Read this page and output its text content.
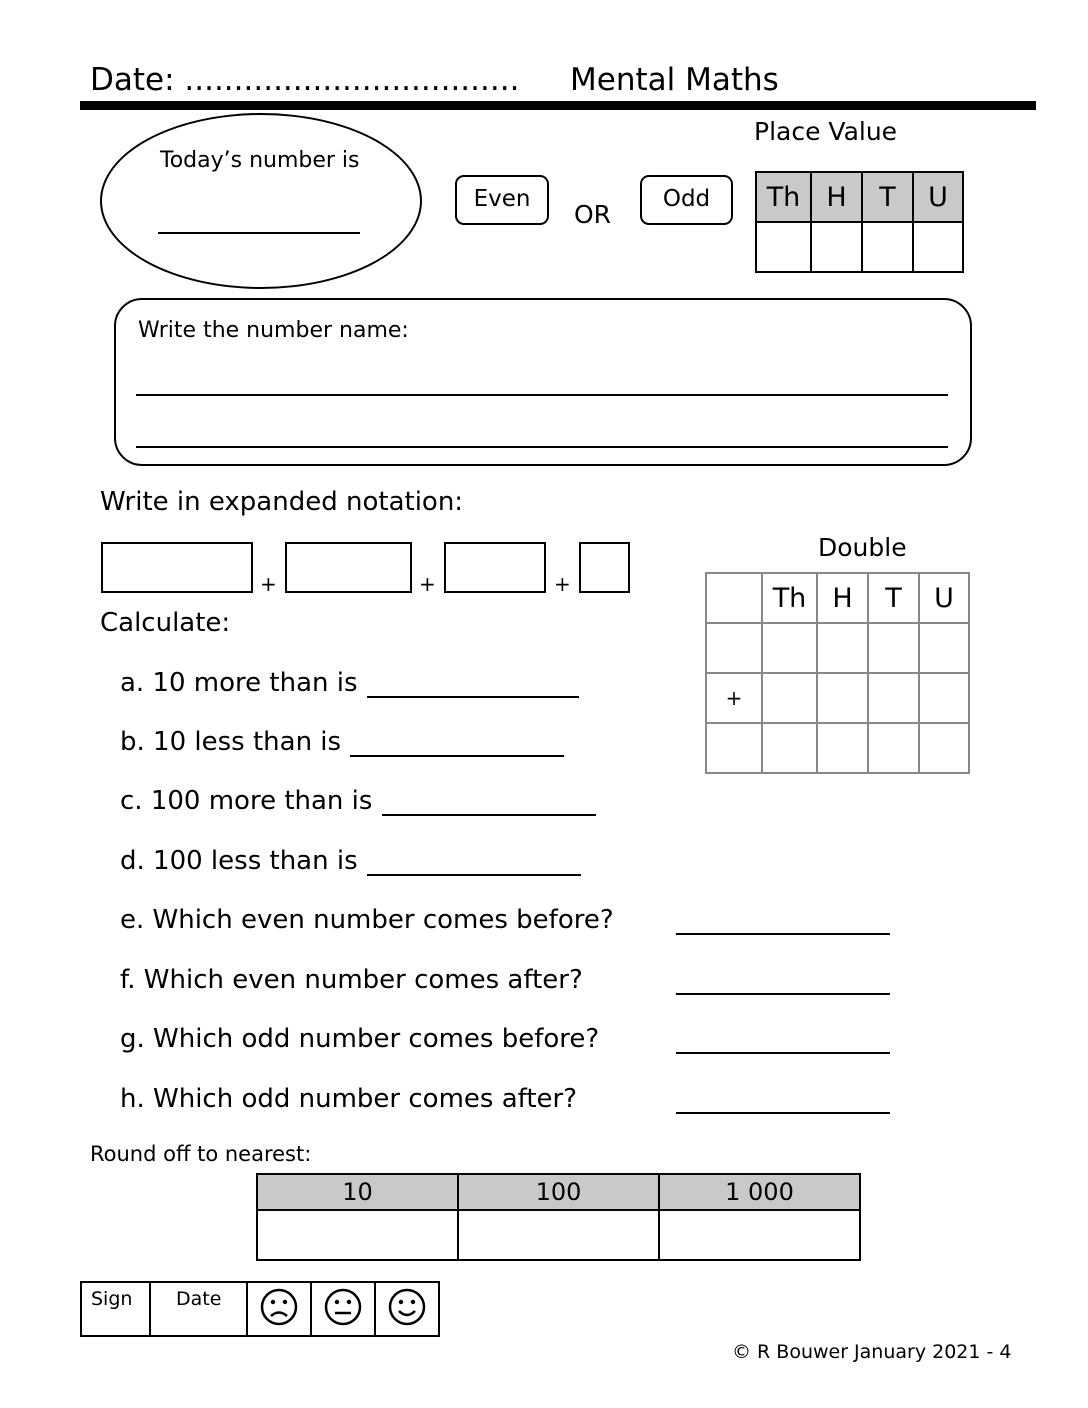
Date: .................................. Mental Maths
Today’s number is
Even
OR
Odd
Place Value
Th	H	T	U

Write the number name:
Write in expanded notation:
+	+	+
Double
	Th	H	T	U

+				

Calculate:
a. 10 more than is
b. 10 less than is
c. 100 more than is
d. 100 less than is
e. Which even number comes before?
f. Which even number comes after?
g. Which odd number comes before?
h. Which odd number comes after?
Round off to nearest:
10	100	1 000

Sign	Date			
© R Bouwer January 2021 - 4
